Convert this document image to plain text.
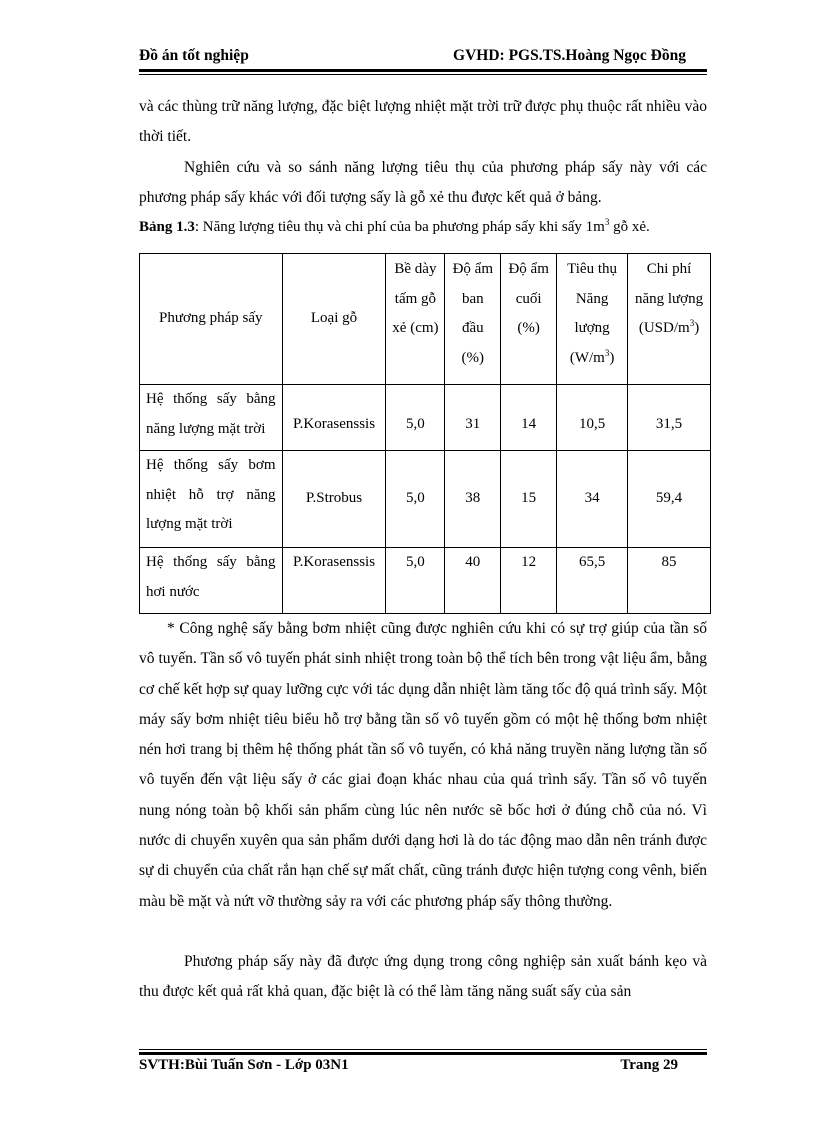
Đồ án tốt nghiệp	GVHD: PGS.TS.Hoàng Ngọc Đồng

và các thùng trữ năng lượng, đặc biệt lượng nhiệt mặt trời trữ được phụ thuộc rất nhiều vào thời tiết.

Nghiên cứu và so sánh năng lượng tiêu thụ của phương pháp sấy này với các phương pháp sấy khác với đối tượng sấy là gỗ xẻ thu được kết quả ở bảng.

Bảng 1.3: Năng lượng tiêu thụ và chi phí của ba phương pháp sấy khi sấy $1m^3$ gỗ xẻ.
Phương pháp sấy	Loại gỗ	Bề dày tấm gỗ xẻ (cm)	Độ ẩm ban đầu (%)	Độ ẩm cuối (%)	Tiêu thụ Năng lượng $(W/m^3)$	Chi phí năng lượng $(USD/m^3)$
Hệ thống sấy bằng năng lượng mặt trời	P.Korasenssis	5,0	31	14	10,5	31,5
Hệ thống sấy bơm nhiệt hỗ trợ năng lượng mặt trời	P.Strobus	5,0	38	15	34	59,4
Hệ thống sấy bằng hơi nước	P.Korasenssis	5,0	40	12	65,5	85

* Công nghệ sấy bằng bơm nhiệt cũng được nghiên cứu khi có sự trợ giúp của tần số vô tuyến. Tần số vô tuyến phát sinh nhiệt trong toàn bộ thể tích bên trong vật liệu ẩm, bằng cơ chế kết hợp sự quay lưỡng cực với tác dụng dẫn nhiệt làm tăng tốc độ quá trình sấy. Một máy sấy bơm nhiệt tiêu biểu hỗ trợ bằng tần số vô tuyến gồm có một hệ thống bơm nhiệt nén hơi trang bị thêm hệ thống phát tần số vô tuyến, có khả năng truyền năng lượng tần số vô tuyến đến vật liệu sấy ở các giai đoạn khác nhau của quá trình sấy. Tần số vô tuyến nung nóng toàn bộ khối sản phẩm cùng lúc nên nước sẽ bốc hơi ở đúng chỗ của nó. Vì nước di chuyển xuyên qua sản phẩm dưới dạng hơi là do tác động mao dẫn nên tránh được sự di chuyển của chất rắn hạn chế sự mất chất, cũng tránh được hiện tượng cong vênh, biến màu bề mặt và nứt vỡ thường sảy ra với các phương pháp sấy thông thường.

Phương pháp sấy này đã được ứng dụng trong công nghiệp sản xuất bánh kẹo và thu được kết quả rất khả quan, đặc biệt là có thể làm tăng năng suất sấy của sản

SVTH:Bùi Tuấn Sơn - Lớp 03N1	Trang 29
